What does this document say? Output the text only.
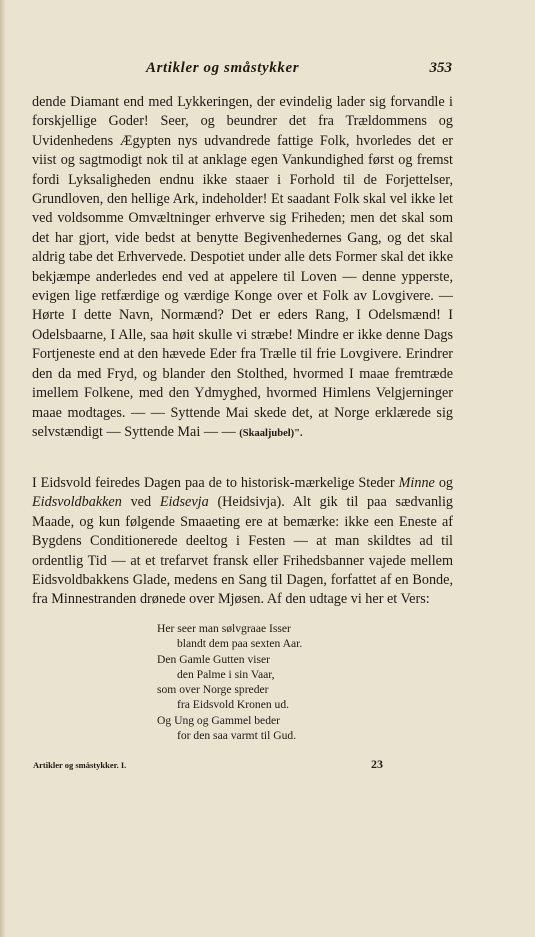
Artikler og småstykker	353

dende Diamant end med Lykkeringen, der evindelig lader sig forvandle i forskjellige Goder! Seer, og beundrer det fra Trældommens og Uvidenhedens Ægypten nys udvandrede fattige Folk, hvorledes det er viist og sagtmodigt nok til at anklage egen Vankundighed først og fremst fordi Lyksaligheden endnu ikke staaer i Forhold til de Forjettelser, Grundloven, den hellige Ark, indeholder! Et saadant Folk skal vel ikke let ved voldsomme Omvæltninger erhverve sig Friheden; men det skal som det har gjort, vide bedst at benytte Begivenhedernes Gang, og det skal aldrig tabe det Erhvervede. Despotiet under alle dets Former skal det ikke bekjæmpe anderledes end ved at appelere til Loven — denne ypperste, evigen lige retfærdige og værdige Konge over et Folk av Lovgivere. — Hørte I dette Navn, Normænd? Det er eders Rang, I Odelsmænd! I Odelsbaarne, I Alle, saa høit skulle vi stræbe! Mindre er ikke denne Dags Fortjeneste end at den hævede Eder fra Trælle til frie Lovgivere. Erindrer den da med Fryd, og blander den Stolthed, hvormed I maae fremtræde imellem Folkene, med den Ydmyghed, hvormed Himlens Velgjerninger maae modtages. — — Syttende Mai skede det, at Norge erklærede sig selvstændigt — Syttende Mai — — (Skaaljubel)".

I Eidsvold feiredes Dagen paa de to historisk-mærkelige Steder Minne og Eidsvoldbakken ved Eidsevja (Heidsivja). Alt gik til paa sædvanlig Maade, og kun følgende Smaaeting ere at bemærke: ikke een Eneste af Bygdens Conditionerede deeltog i Festen — at man skildtes ad til ordentlig Tid — at et trefarvet fransk eller Frihedsbanner vajede mellem Eidsvoldbakkens Glade, medens en Sang til Dagen, forfattet af en Bonde, fra Minnestranden drønede over Mjøsen. Af den udtage vi her et Vers:

Her seer man sølvgraae Isser
blandt dem paa sexten Aar.
Den Gamle Gutten viser
den Palme i sin Vaar,
som over Norge spreder
fra Eidsvold Kronen ud.
Og Ung og Gammel beder
for den saa varmt til Gud.
Artikler og småstykker. I.	23
